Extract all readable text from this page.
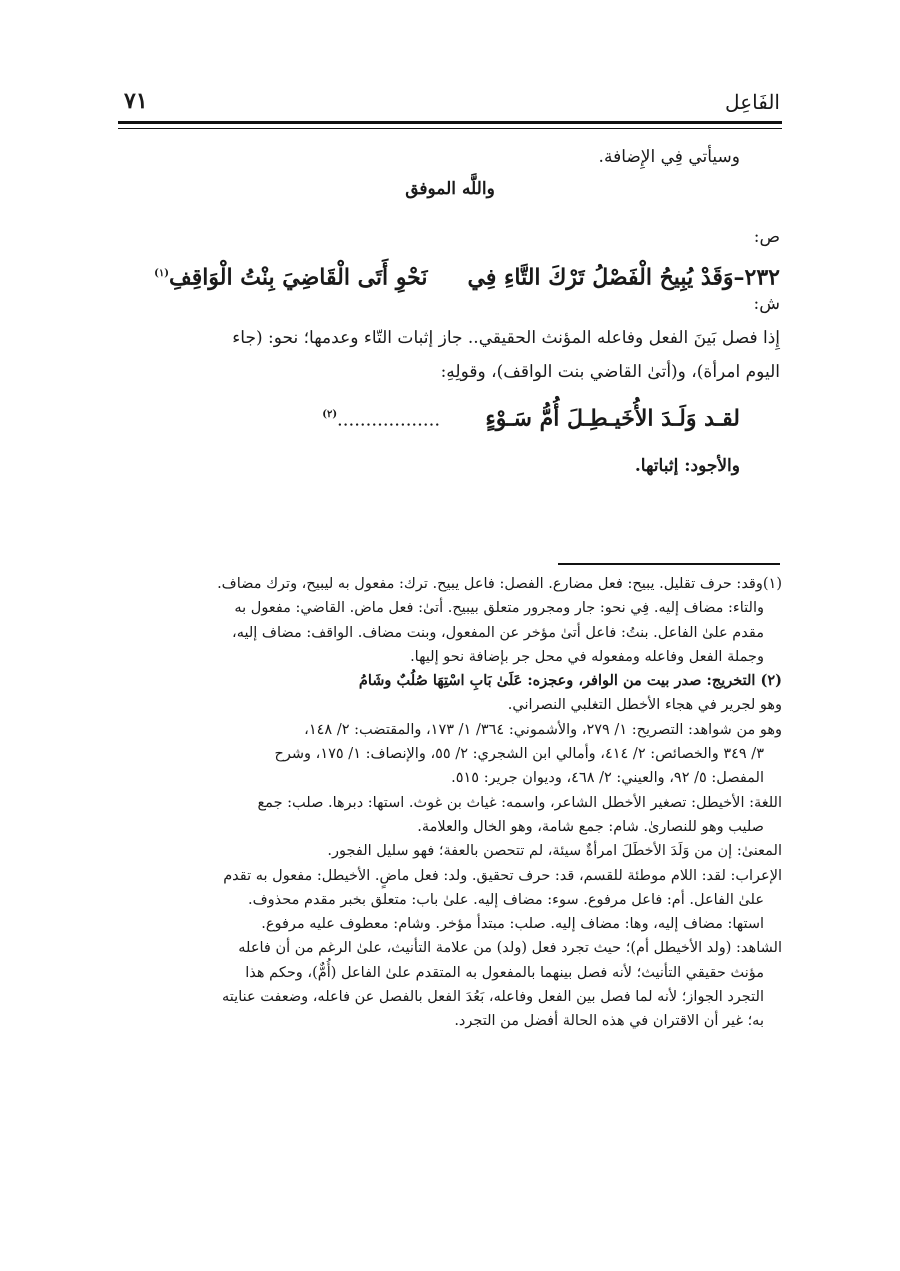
الفَاعِل
٧١

وسيأتي فِي الإِضافة.

واللَّه الموفق

ص:

٢٣٢–وَقَدْ يُبِيحُ الْفَصْلُ تَرْكَ التَّاءِ فِينَحْوِ أَتَى الْقَاضِيَ بِنْتُ الْوَاقِفِ$^{(١)}$

ش:

إِذا فصل بَينَ الفعل وفاعله المؤنث الحقيقي.. جاز إثبات التّاء وعدمها؛ نحو: (جاء

اليوم امرأة)، و(أتىٰ القاضي بنت الواقف)، وقولِهِ:

لقـد وَلَـدَ الأُخَيـطِـلَ أُمُّ سَـوْءٍ  ..................$^{(٢)}$

والأجود: إثباتها.

(١)وقد: حرف تقليل. يبيح: فعل مضارع. الفصل: فاعل يبيح. ترك: مفعول به ليبيح، وترك مضاف.

والتاء: مضاف إليه. فِي نحو: جار ومجرور متعلق بيبيح. أتىٰ: فعل ماض. القاضي: مفعول به

مقدم علىٰ الفاعل. بنتُ: فاعل أتىٰ مؤخر عن المفعول، وبنت مضاف. الواقف: مضاف إليه،

وجملة الفعل وفاعله ومفعوله في محل جر بإضافة نحو إليها.

(٢) التخريج: صدر بيت من الوافر، وعجزه: عَلَىٰ بَابِ اسْتِهَا صُلُبٌ وشَامُ

وهو لجرير في هجاء الأخطل التغلبي النصراني.

وهو من شواهد: التصريح: ١/ ٢٧٩، والأشموني: ٣٦٤/ ١/ ١٧٣، والمقتضب: ٢/ ١٤٨،

٣/ ٣٤٩ والخصائص: ٢/ ٤١٤، وأمالي ابن الشجري: ٢/ ٥٥، والإنصاف: ١/ ١٧٥، وشرح

المفصل: ٥/ ٩٢، والعيني: ٢/ ٤٦٨، وديوان جرير: ٥١٥.

اللغة: الأخيطل: تصغير الأخطل الشاعر، واسمه: غياث بن غوث. استها: دبرها. صلب: جمع

صليب وهو للنصارىٰ. شام: جمع شامة، وهو الخال والعلامة.

المعنىٰ: إن من وَلَدَ الأخطَلَ امرأةٌ سيئة، لم تتحصن بالعفة؛ فهو سليل الفجور.

الإعراب: لقد: اللام موطئة للقسم، قد: حرف تحقيق. ولد: فعل ماضٍ. الأخيطل: مفعول به تقدم

علىٰ الفاعل. أم: فاعل مرفوع. سوء: مضاف إليه. علىٰ باب: متعلق بخبر مقدم محذوف.

استها: مضاف إليه، وها: مضاف إليه. صلب: مبتدأ مؤخر. وشام: معطوف عليه مرفوع.

الشاهد: (ولد الأخيطل أم)؛ حيث تجرد فعل (ولد) من علامة التأنيث، علىٰ الرغم من أن فاعله

مؤنث حقيقي التأنيث؛ لأنه فصل بينهما بالمفعول به المتقدم علىٰ الفاعل (أُمٌّ)، وحكم هذا

التجرد الجواز؛ لأنه لما فصل بين الفعل وفاعله، بَعُدَ الفعل بالفصل عن فاعله، وضعفت عنايته

به؛ غير أن الاقتران في هذه الحالة أفضل من التجرد.
